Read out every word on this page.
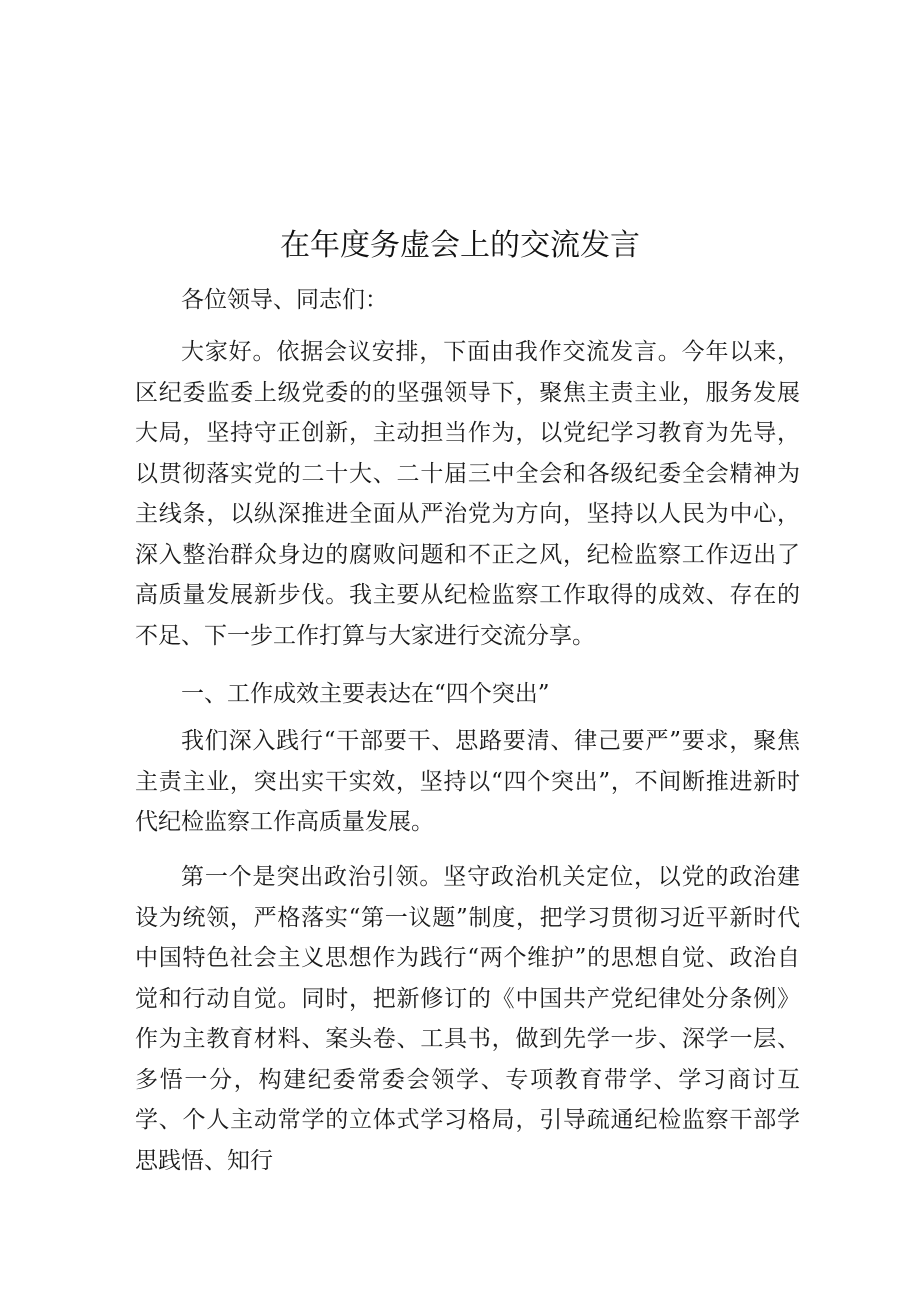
在年度务虚会上的交流发言

各位领导、同志们：

大家好。依据会议安排，下面由我作交流发言。今年以来，区纪委监委上级党委的的坚强领导下，聚焦主责主业，服务发展大局，坚持守正创新，主动担当作为，以党纪学习教育为先导，以贯彻落实党的二十大、二十届三中全会和各级纪委全会精神为主线条，以纵深推进全面从严治党为方向，坚持以人民为中心，深入整治群众身边的腐败问题和不正之风，纪检监察工作迈出了高质量发展新步伐。我主要从纪检监察工作取得的成效、存在的不足、下一步工作打算与大家进行交流分享。

一、工作成效主要表达在“四个突出”

我们深入践行“干部要干、思路要清、律己要严”要求，聚焦主责主业，突出实干实效，坚持以“四个突出”，不间断推进新时代纪检监察工作高质量发展。

第一个是突出政治引领。坚守政治机关定位，以党的政治建设为统领，严格落实“第一议题”制度，把学习贯彻习近平新时代中国特色社会主义思想作为践行“两个维护”的思想自觉、政治自觉和行动自觉。同时，把新修订的《中国共产党纪律处分条例》作为主教育材料、案头卷、工具书，做到先学一步、深学一层、多悟一分，构建纪委常委会领学、专项教育带学、学习商讨互学、个人主动常学的立体式学习格局，引导疏通纪检监察干部学思践悟、知行
